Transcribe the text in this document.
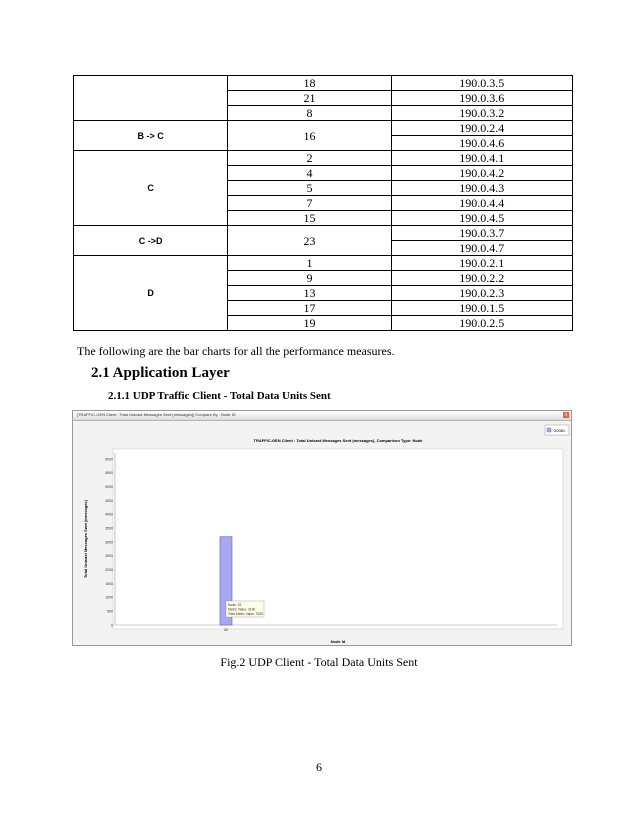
	18	190.0.3.5
	21	190.0.3.6
	8	190.0.3.2
B -> C	16	190.0.2.4
		190.0.4.6
C	2	190.0.4.1
	4	190.0.4.2
	5	190.0.4.3
	7	190.0.4.4
	15	190.0.4.5
C ->D	23	190.0.3.7
		190.0.4.7
D	1	190.0.2.1
	9	190.0.2.2
	13	190.0.2.3
	17	190.0.1.5
	19	190.0.2.5
The following are the bar charts for all the performance measures.
2.1 Application Layer
2.1.1 UDP Traffic Client - Total Data Units Sent
[TRAFFIC-GEN Client : Total Unicast Messages Sent (messages)] Compare By : Node ID	x
TRAFFIC-GEN Client : Total Unicast Messages Sent (messages), Comparison Type: Node
20081
0
500
1000
1500
2000
2500
3000
3500
4000
4500
5000
5500
6000
Total Unicast Messages Sent (messages)
22
Node: 22
Metric Value: 3190
Total Metric Value: 3190
Node Id
Fig.2 UDP Client - Total Data Units Sent
6
